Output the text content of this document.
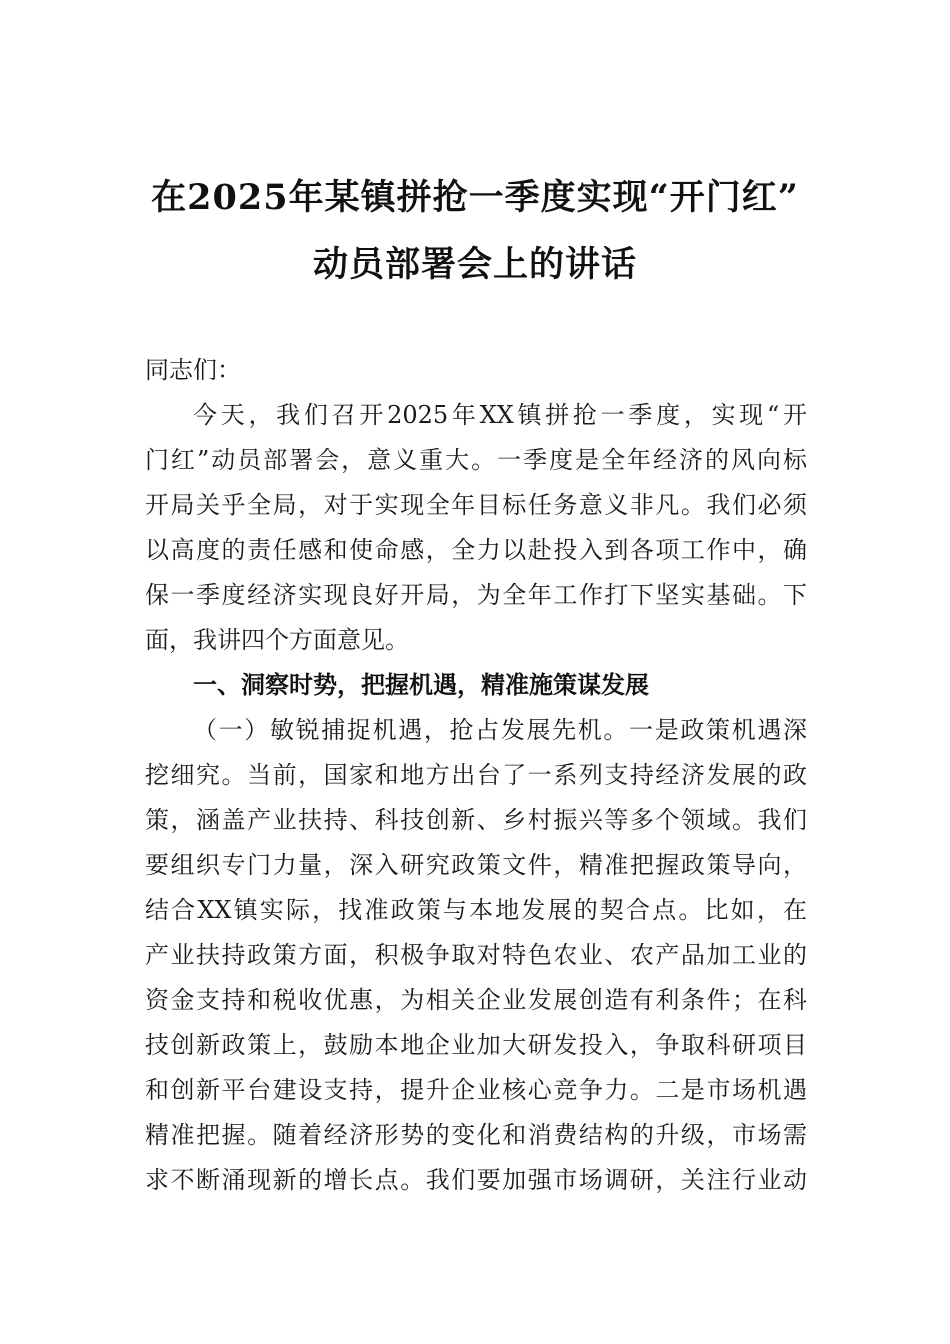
在2025年某镇拼抢一季度实现“开门红”
动员部署会上的讲话
同志们：
今天，我们召开2025年XX镇拼抢一季度，实现“开
门红”动员部署会，意义重大。一季度是全年经济的风向标
开局关乎全局，对于实现全年目标任务意义非凡。我们必须
以高度的责任感和使命感，全力以赴投入到各项工作中，确
保一季度经济实现良好开局，为全年工作打下坚实基础。下
面，我讲四个方面意见。
一、洞察时势，把握机遇，精准施策谋发展
（一）敏锐捕捉机遇，抢占发展先机。一是政策机遇深
挖细究。当前，国家和地方出台了一系列支持经济发展的政
策，涵盖产业扶持、科技创新、乡村振兴等多个领域。我们
要组织专门力量，深入研究政策文件，精准把握政策导向，
结合XX镇实际，找准政策与本地发展的契合点。比如，在
产业扶持政策方面，积极争取对特色农业、农产品加工业的
资金支持和税收优惠，为相关企业发展创造有利条件；在科
技创新政策上，鼓励本地企业加大研发投入，争取科研项目
和创新平台建设支持，提升企业核心竞争力。二是市场机遇
精准把握。随着经济形势的变化和消费结构的升级，市场需
求不断涌现新的增长点。我们要加强市场调研，关注行业动
